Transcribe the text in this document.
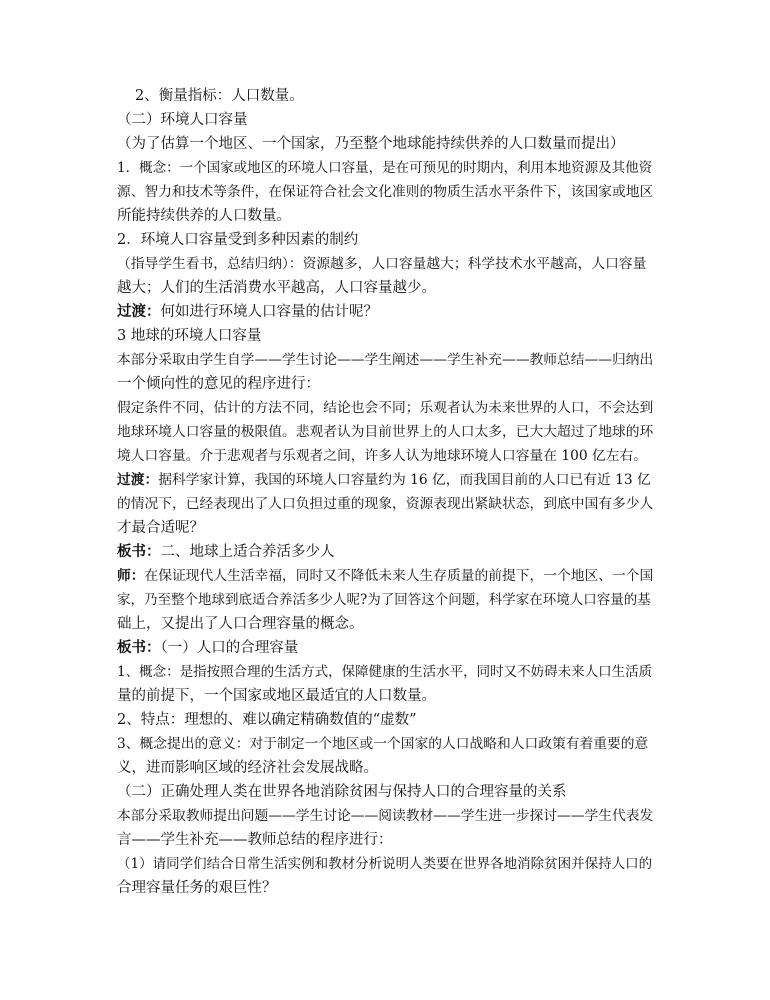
2、衡量指标：人口数量。
（二）环境人口容量
（为了估算一个地区、一个国家，乃至整个地球能持续供养的人口数量而提出）
1．概念：一个国家或地区的环境人口容量，是在可预见的时期内，利用本地资源及其他资
源、智力和技术等条件，在保证符合社会文化准则的物质生活水平条件下，该国家或地区
所能持续供养的人口数量。
2．环境人口容量受到多种因素的制约
（指导学生看书，总结归纳）：资源越多，人口容量越大；科学技术水平越高，人口容量
越大；人们的生活消费水平越高，人口容量越少。
过渡：何如进行环境人口容量的估计呢？
3 地球的环境人口容量
本部分采取由学生自学——学生讨论——学生阐述——学生补充——教师总结——归纳出
一个倾向性的意见的程序进行：
假定条件不同，估计的方法不同，结论也会不同；乐观者认为未来世界的人口，不会达到
地球环境人口容量的极限值。悲观者认为目前世界上的人口太多，已大大超过了地球的环
境人口容量。介于悲观者与乐观者之间，许多人认为地球环境人口容量在 100 亿左右。
过渡：据科学家计算，我国的环境人口容量约为 16 亿，而我国目前的人口已有近 13 亿
的情况下，已经表现出了人口负担过重的现象，资源表现出紧缺状态，到底中国有多少人
才最合适呢？
板书：二、地球上适合养活多少人
师：在保证现代人生活幸福，同时又不降低未来人生存质量的前提下，一个地区、一个国
家，乃至整个地球到底适合养活多少人呢?为了回答这个问题，科学家在环境人口容量的基
础上，又提出了人口合理容量的概念。
板书：（一）人口的合理容量
1、概念：是指按照合理的生活方式，保障健康的生活水平，同时又不妨碍未来人口生活质
量的前提下，一个国家或地区最适宜的人口数量。
2、特点：理想的、难以确定精确数值的“虚数”
3、概念提出的意义：对于制定一个地区或一个国家的人口战略和人口政策有着重要的意
义，进而影响区域的经济社会发展战略。
（二）正确处理人类在世界各地消除贫困与保持人口的合理容量的关系
本部分采取教师提出问题——学生讨论——阅读教材——学生进一步探讨——学生代表发
言——学生补充——教师总结的程序进行：
（1）请同学们结合日常生活实例和教材分析说明人类要在世界各地消除贫困并保持人口的
合理容量任务的艰巨性？
